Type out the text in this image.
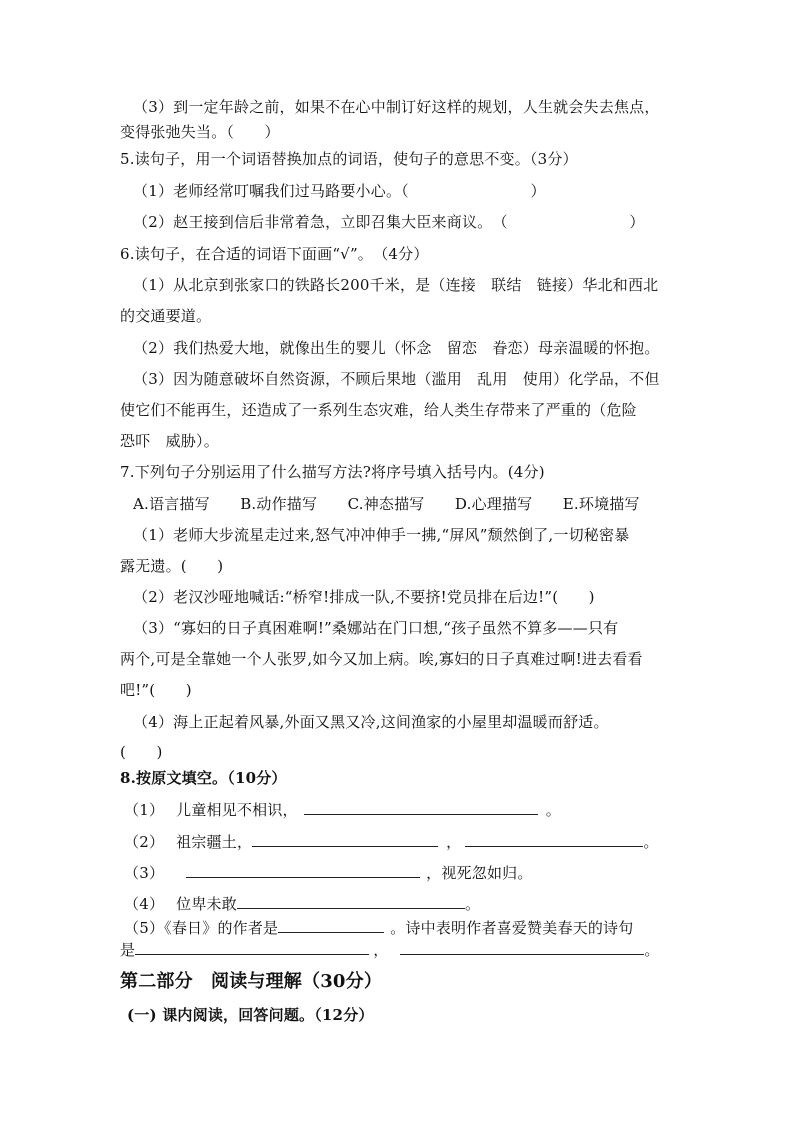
（3）到一定年龄之前，如果不在心中制订好这样的规划，人生就会失去焦点，
变得张弛失当。（　　）
5.读句子，用一个词语替换加点的词语，使句子的意思不变。（3分）
（1）老师经常叮嘱我们过马路要小心。（　　　　　　　　）
（2）赵王接到信后非常着急，立即召集大臣来商议。　（　　　　　　　　）
6.读句子，在合适的词语下面画“√”。　（4分）
（1）从北京到张家口的铁路长200千米，是（连接　联结　链接）华北和西北
的交通要道。
（2）我们热爱大地，就像出生的婴儿（怀念　留恋　眷恋）母亲温暖的怀抱。
（3）因为随意破坏自然资源，不顾后果地（滥用　乱用　使用）化学品，不但
使它们不能再生，还造成了一系列生态灾难，给人类生存带来了严重的（危险
恐吓　威胁）。
7.下列句子分别运用了什么描写方法?将序号填入括号内。(4分)
A.语言描写　　B.动作描写　　C.神态描写　　D.心理描写　　E.环境描写
（1）老师大步流星走过来,怒气冲冲伸手一拂,“屏风”颓然倒了,一切秘密暴
露无遗。(　　)
（2）老汉沙哑地喊话:“桥窄!排成一队,不要挤!党员排在后边!”(　　)
（3）“寡妇的日子真困难啊!”桑娜站在门口想,“孩子虽然不算多——只有
两个,可是全靠她一个人张罗,如今又加上病。唉,寡妇的日子真难过啊!进去看看
吧!”(　　)
（4）海上正起着风暴,外面又黑又冷,这间渔家的小屋里却温暖而舒适。
(　　)
8.按原文填空。（10分）
（1） 儿童相见不相识，	。
（2） 祖宗疆土，	，	。
（3）	，视死忽如归。
（4） 位卑未敢	。
（5）《春日》的作者是	。诗中表明作者喜爱赞美春天的诗句
是	，	。
第二部分　阅读与理解（30分）
(一) 课内阅读，回答问题。（12分）
